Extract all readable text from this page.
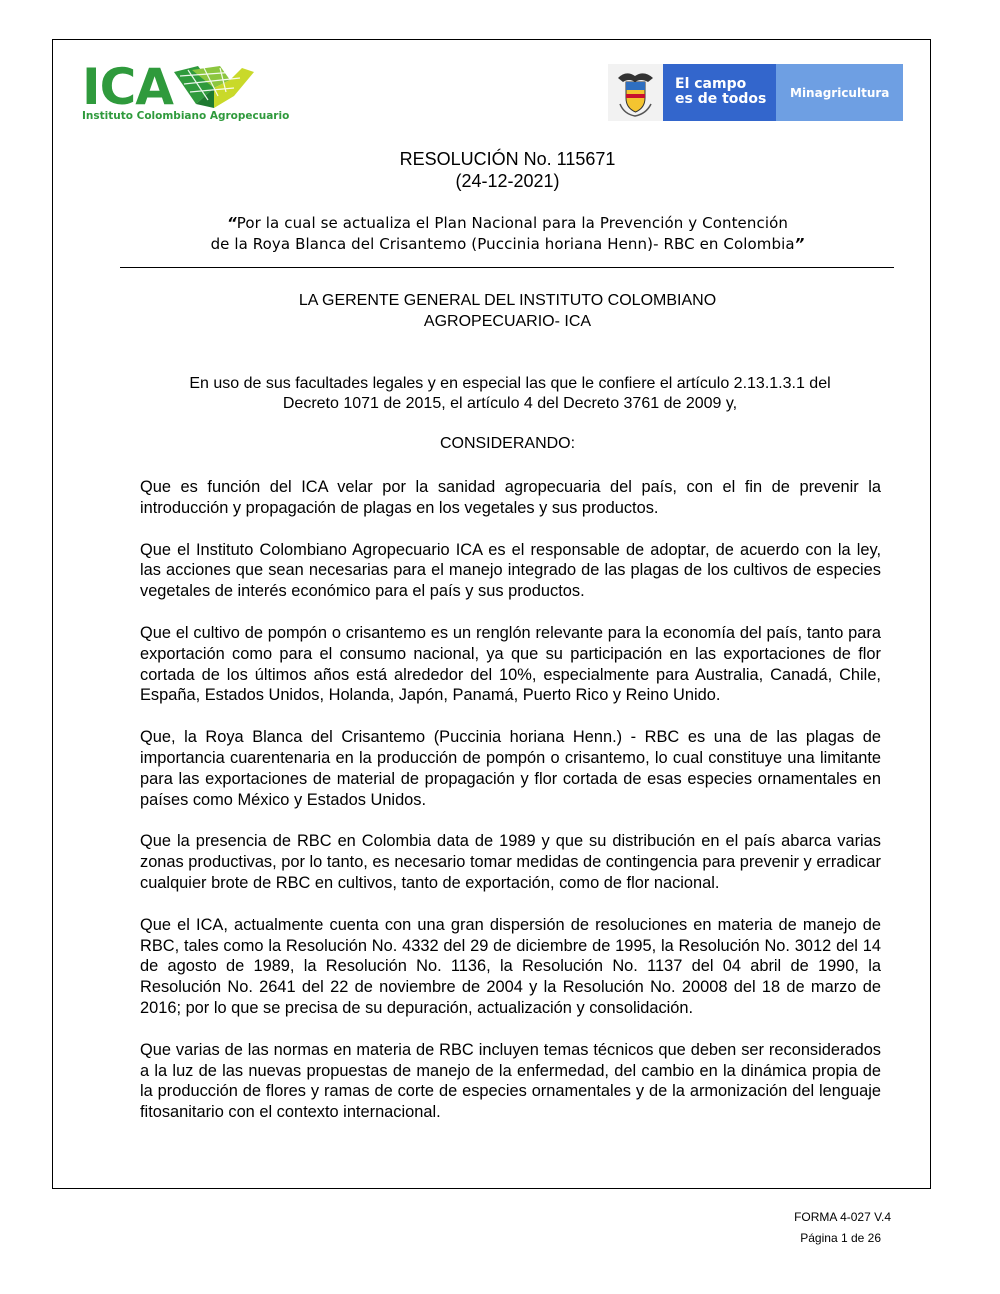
ICA
Instituto Colombiano Agropecuario
El campo
es de todos	Minagricultura
RESOLUCIÓN No. 115671
(24-12-2021)
“Por la cual se actualiza el Plan Nacional para la Prevención y Contención
de la Roya Blanca del Crisantemo (Puccinia horiana Henn)- RBC en Colombia”
LA GERENTE GENERAL DEL INSTITUTO COLOMBIANO
AGROPECUARIO- ICA
En uso de sus facultades legales y en especial las que le confiere el artículo 2.13.1.3.1 del
Decreto 1071 de 2015, el artículo 4 del Decreto 3761 de 2009 y,
CONSIDERANDO:

Que es función del ICA velar por la sanidad agropecuaria del país, con el fin de prevenir la introducción y propagación de plagas en los vegetales y sus productos.

Que el Instituto Colombiano Agropecuario ICA es el responsable de adoptar, de acuerdo con la ley, las acciones que sean necesarias para el manejo integrado de las plagas de los cultivos de especies vegetales de interés económico para el país y sus productos.

Que el cultivo de pompón o crisantemo es un renglón relevante para la economía del país, tanto para exportación como para el consumo nacional, ya que su participación en las exportaciones de flor cortada de los últimos años está alrededor del 10%, especialmente para Australia, Canadá, Chile, España, Estados Unidos, Holanda, Japón, Panamá, Puerto Rico y Reino Unido.

Que, la Roya Blanca del Crisantemo (Puccinia horiana Henn.) - RBC es una de las plagas de importancia cuarentenaria en la producción de pompón o crisantemo, lo cual constituye una limitante para las exportaciones de material de propagación y flor cortada de esas especies ornamentales en países como México y Estados Unidos.

Que la presencia de RBC en Colombia data de 1989 y que su distribución en el país abarca varias zonas productivas, por lo tanto, es necesario tomar medidas de contingencia para prevenir y erradicar cualquier brote de RBC en cultivos, tanto de exportación, como de flor nacional.

Que el ICA, actualmente cuenta con una gran dispersión de resoluciones en materia de manejo de RBC, tales como la Resolución No. 4332 del 29 de diciembre de 1995, la Resolución No. 3012 del 14 de agosto de 1989, la Resolución No. 1136, la Resolución No. 1137 del 04 abril de 1990, la Resolución No. 2641 del 22 de noviembre de 2004 y la Resolución No. 20008 del 18 de marzo de 2016; por lo que se precisa de su depuración, actualización y consolidación.

Que varias de las normas en materia de RBC incluyen temas técnicos que deben ser reconsiderados a la luz de las nuevas propuestas de manejo de la enfermedad, del cambio en la dinámica propia de la producción de flores y ramas de corte de especies ornamentales y de la armonización del lenguaje fitosanitario con el contexto internacional.

FORMA 4-027 V.4
Página 1 de 26
